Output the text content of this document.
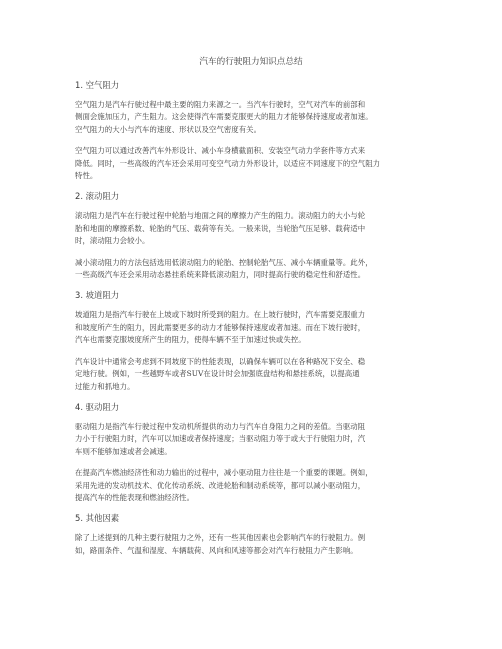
汽车的行驶阻力知识点总结
1. 空气阻力
空气阻力是汽车行驶过程中最主要的阻力来源之一。当汽车行驶时，空气对汽车的前部和
侧面会施加压力，产生阻力。这会使得汽车需要克服更大的阻力才能够保持速度或者加速。
空气阻力的大小与汽车的速度、形状以及空气密度有关。
空气阻力可以通过改善汽车外形设计、减小车身横截面积、安装空气动力学套件等方式来
降低。同时，一些高级的汽车还会采用可变空气动力外形设计，以适应不同速度下的空气阻力
特性。
2. 滚动阻力
滚动阻力是汽车在行驶过程中轮胎与地面之间的摩擦力产生的阻力。滚动阻力的大小与轮
胎和地面的摩擦系数、轮胎的气压、载荷等有关。一般来说，当轮胎气压足够、载荷适中
时，滚动阻力会较小。
减小滚动阻力的方法包括选用低滚动阻力的轮胎、控制轮胎气压、减小车辆重量等。此外，
一些高级汽车还会采用动态悬挂系统来降低滚动阻力，同时提高行驶的稳定性和舒适性。
3. 坡道阻力
坡道阻力是指汽车行驶在上坡或下坡时所受到的阻力。在上坡行驶时，汽车需要克服重力
和坡度所产生的阻力，因此需要更多的动力才能够保持速度或者加速。而在下坡行驶时，
汽车也需要克服坡度所产生的阻力，使得车辆不至于加速过快或失控。
汽车设计中通常会考虑到不同坡度下的性能表现，以确保车辆可以在各种路况下安全、稳
定地行驶。例如，一些越野车或者SUV在设计时会加强底盘结构和悬挂系统，以提高通
过能力和抓地力。
4. 驱动阻力
驱动阻力是指汽车行驶过程中发动机所提供的动力与汽车自身阻力之间的差值。当驱动阻
力小于行驶阻力时，汽车可以加速或者保持速度；当驱动阻力等于或大于行驶阻力时，汽
车则不能够加速或者会减速。
在提高汽车燃油经济性和动力输出的过程中，减小驱动阻力往往是一个重要的课题。例如，
采用先进的发动机技术、优化传动系统、改进轮胎和制动系统等，都可以减小驱动阻力，
提高汽车的性能表现和燃油经济性。
5. 其他因素
除了上述提到的几种主要行驶阻力之外，还有一些其他因素也会影响汽车的行驶阻力。例
如，路面条件、气温和湿度、车辆载荷、风向和风速等都会对汽车行驶阻力产生影响。
